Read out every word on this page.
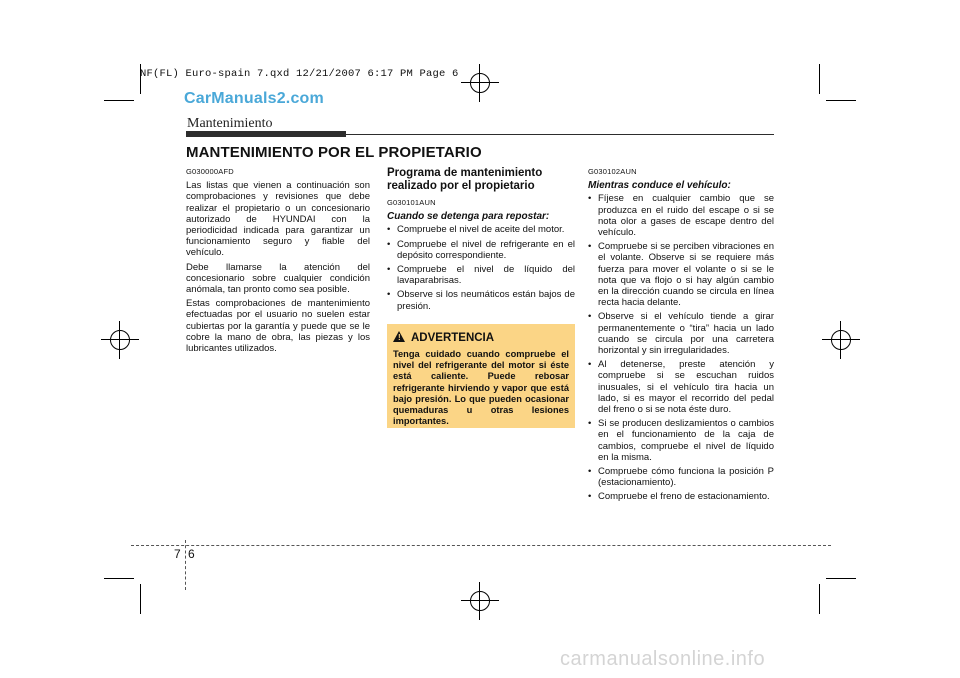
NF(FL) Euro-spain 7.qxd 12/21/2007 6:17 PM Page 6
CarManuals2.com
Mantenimiento
MANTENIMIENTO POR EL PROPIETARIO
G030000AFD

Las listas que vienen a continuación son comprobaciones y revisiones que debe realizar el propietario o un concesionario autorizado de HYUNDAI con la periodicidad indicada para garantizar un funcionamiento seguro y fiable del vehículo.

Debe llamarse la atención del concesionario sobre cualquier condición anómala, tan pronto como sea posible.

Estas comprobaciones de mantenimiento efectuadas por el usuario no suelen estar cubiertas por la garantía y puede que se le cobre la mano de obra, las piezas y los lubricantes utilizados.

Programa de mantenimiento realizado por el propietario
G030101AUN
Cuando se detenga para repostar:
• Compruebe el nivel de aceite del motor.
• Compruebe el nivel de refrigerante en el depósito correspondiente.
• Compruebe el nivel de líquido del lavaparabrisas.
• Observe si los neumáticos están bajos de presión.
! ADVERTENCIA
Tenga cuidado cuando compruebe el nivel del refrigerante del motor si éste está caliente. Puede rebosar refrigerante hirviendo y vapor que está bajo presión. Lo que pueden ocasionar quemaduras u otras lesiones importantes.
G030102AUN
Mientras conduce el vehículo:
• Fíjese en cualquier cambio que se produzca en el ruido del escape o si se nota olor a gases de escape dentro del vehículo.
• Compruebe si se perciben vibraciones en el volante. Observe si se requiere más fuerza para mover el volante o si se le nota que va flojo o si hay algún cambio en la dirección cuando se circula en línea recta hacia delante.
• Observe si el vehículo tiende a girar permanentemente o “tira” hacia un lado cuando se circula por una carretera horizontal y sin irregularidades.
• Al detenerse, preste atención y compruebe si se escuchan ruidos inusuales, si el vehículo tira hacia un lado, si es mayor el recorrido del pedal del freno o si se nota éste duro.
• Si se producen deslizamientos o cambios en el funcionamiento de la caja de cambios, compruebe el nivel de líquido en la misma.
• Compruebe cómo funciona la posición P (estacionamiento).
• Compruebe el freno de estacionamiento.
7 6
carmanualsonline.info
